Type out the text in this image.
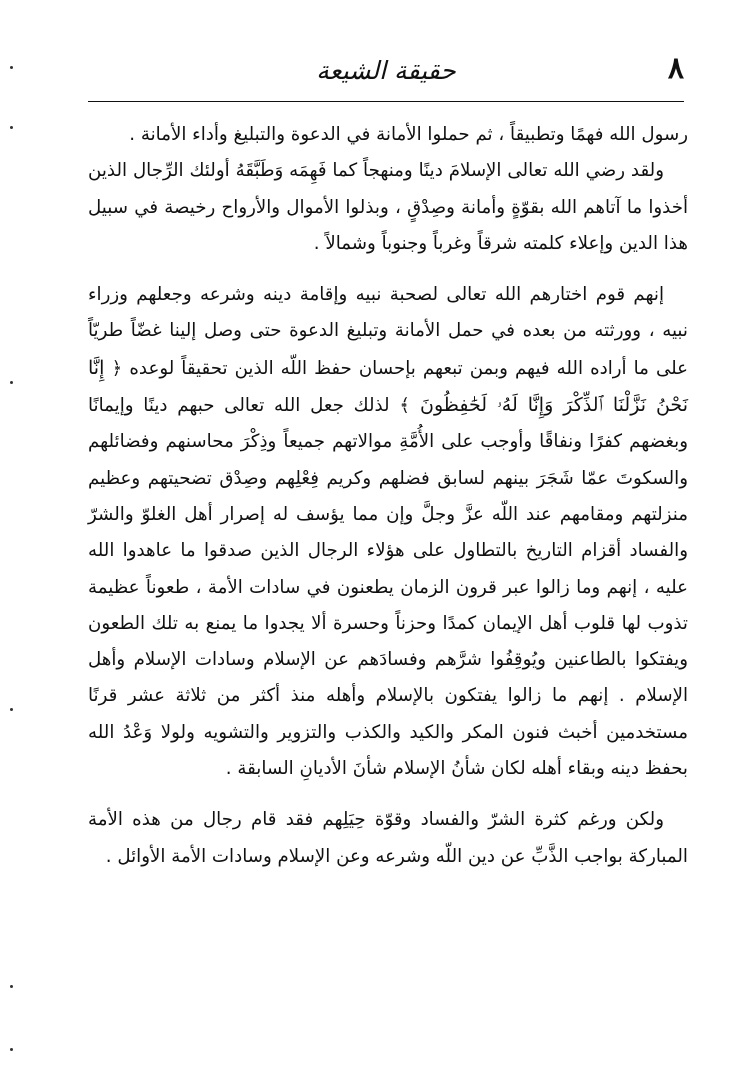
٨
حقيقة الشيعة

رسول الله فهمًا وتطبيقاً ، ثم حملوا الأمانة في الدعوة والتبليغ وأداء الأمانة .

ولقد رضي الله تعالى الإسلامَ دينًا ومنهجاً كما فَهِمَه وَطَبَّقَهُ أولئك الرِّجال الذين أخذوا ما آتاهم الله بقوّةٍ وأمانة وصِدْقٍ ، وبذلوا الأموال والأرواح رخيصة في سبيل هذا الدين وإعلاء كلمته شرقاً وغرباً وجنوباً وشمالاً .

إنهم قوم اختارهم الله تعالى لصحبة نبيه وإقامة دينه وشرعه وجعلهم وزراء نبيه ، وورثته من بعده في حمل الأمانة وتبليغ الدعوة حتى وصل إلينا غضّاً طريّاً على ما أراده الله فيهم وبمن تبعهم بإحسان حفظ اللّه الذين تحقيقاً لوعده ﴿ إِنَّا نَحْنُ نَزَّلْنَا ٱلذِّكْرَ وَإِنَّا لَهُۥ لَحَٰفِظُونَ ﴾ لذلك جعل الله تعالى حبهم دينًا وإيمانًا وبغضهم كفرًا ونفاقًا وأوجب على الأُمَّةِ موالاتهم جميعاً وذِكْرَ محاسنهم وفضائلهم والسكوتَ عمّا شَجَرَ بينهم لسابق فضلهم وكريم فِعْلِهم وصِدْق تضحيتهم وعظيم منزلتهم ومقامهم عند اللّه عزَّ وجلَّ وإن مما يؤسف له إصرار أهل الغلوّ والشرّ والفساد أقزام التاريخ بالتطاول على هؤلاء الرجال الذين صدقوا ما عاهدوا الله عليه ، إنهم وما زالوا عبر قرون الزمان يطعنون في سادات الأمة ، طعوناً عظيمة تذوب لها قلوب أهل الإيمان كمدًا وحزناً وحسرة ألا يجدوا ما يمنع به تلك الطعون ويفتكوا بالطاعنين ويُوقِفُوا شرَّهم وفسادَهم عن الإسلام وسادات الإسلام وأهل الإسلام . إنهم ما زالوا يفتكون بالإسلام وأهله منذ أكثر من ثلاثة عشر قرنًا مستخدمين أخبث فنون المكر والكيد والكذب والتزوير والتشويه ولولا وَعْدُ الله بحفظ دينه وبقاء أهله لكان شأنُ الإسلام شأنَ الأديانِ السابقة .

ولكن ورغم كثرة الشرّ والفساد وقوّة حِيَلِهم فقد قام رجال من هذه الأمة المباركة بواجب الذَّبِّ عن دين اللّه وشرعه وعن الإسلام وسادات الأمة الأوائل .
